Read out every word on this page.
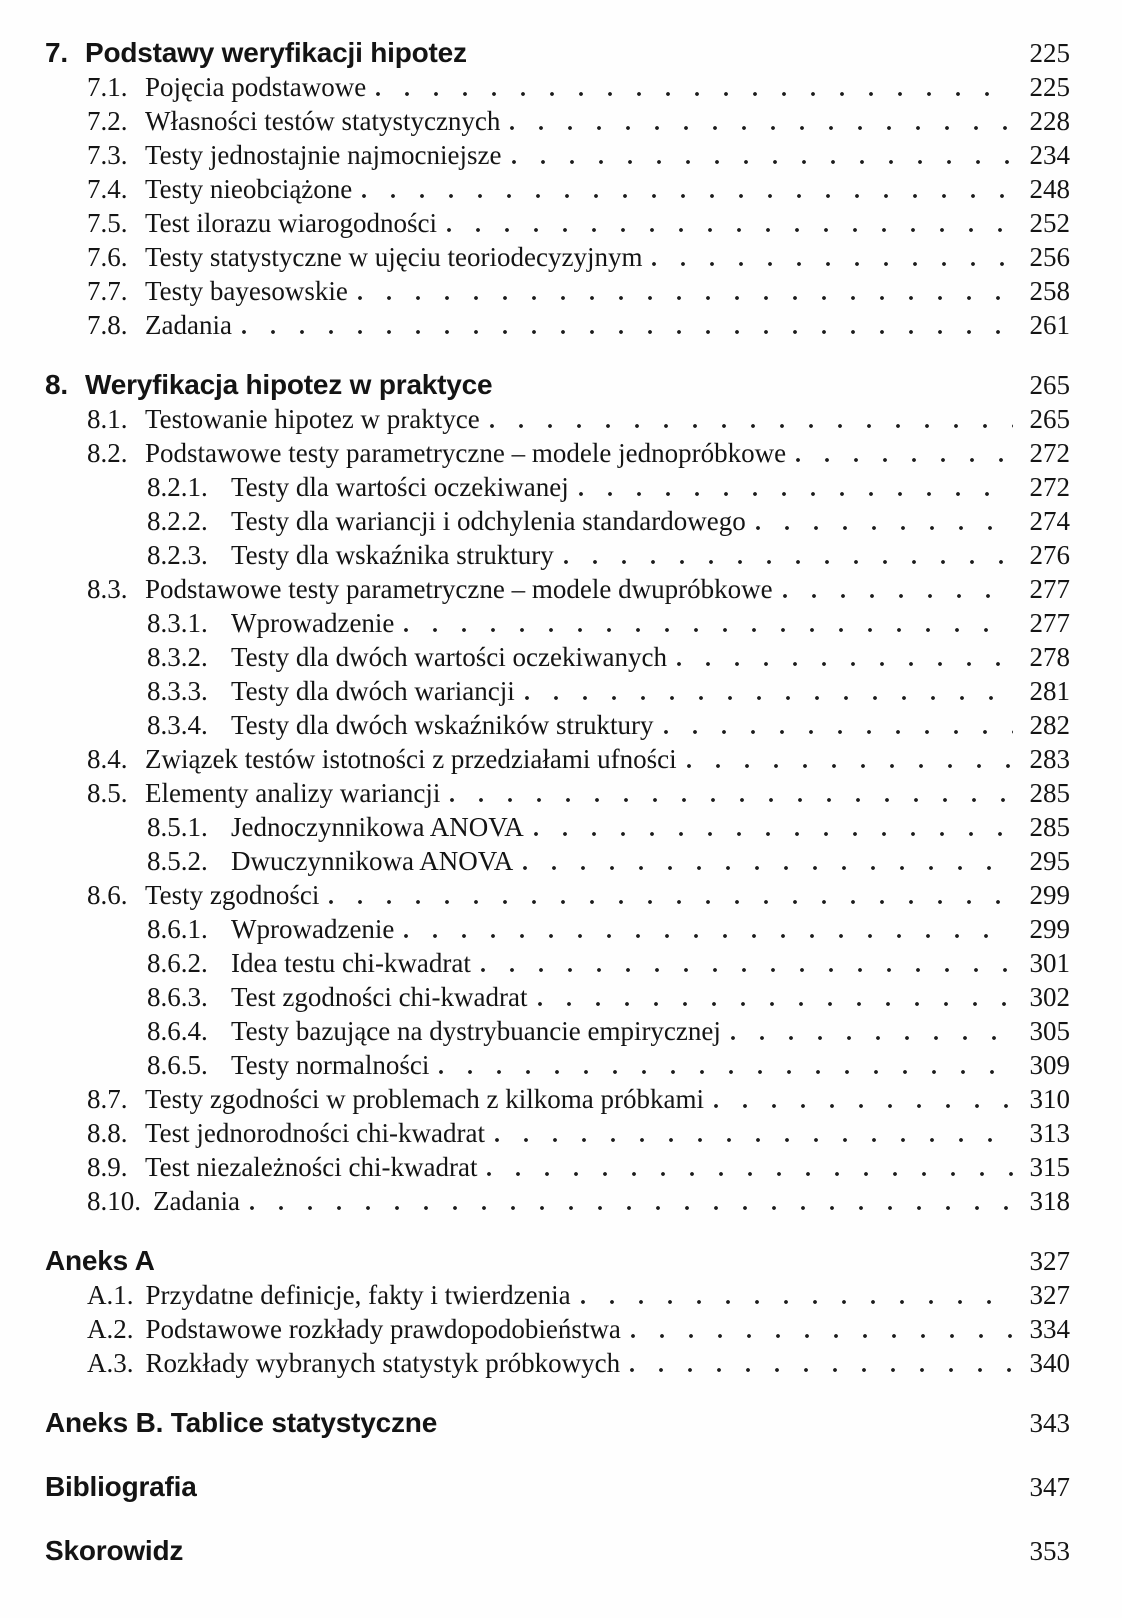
7. Podstawy weryfikacji hipotez	225
7.1. Pojęcia podstawowe	225
7.2. Własności testów statystycznych	228
7.3. Testy jednostajnie najmocniejsze	234
7.4. Testy nieobciążone	248
7.5. Test ilorazu wiarogodności	252
7.6. Testy statystyczne w ujęciu teoriodecyzyjnym	256
7.7. Testy bayesowskie	258
7.8. Zadania	261
8. Weryfikacja hipotez w praktyce	265
8.1. Testowanie hipotez w praktyce	265
8.2. Podstawowe testy parametryczne – modele jednopróbkowe	272
8.2.1. Testy dla wartości oczekiwanej	272
8.2.2. Testy dla wariancji i odchylenia standardowego	274
8.2.3. Testy dla wskaźnika struktury	276
8.3. Podstawowe testy parametryczne – modele dwupróbkowe	277
8.3.1. Wprowadzenie	277
8.3.2. Testy dla dwóch wartości oczekiwanych	278
8.3.3. Testy dla dwóch wariancji	281
8.3.4. Testy dla dwóch wskaźników struktury	282
8.4. Związek testów istotności z przedziałami ufności	283
8.5. Elementy analizy wariancji	285
8.5.1. Jednoczynnikowa ANOVA	285
8.5.2. Dwuczynnikowa ANOVA	295
8.6. Testy zgodności	299
8.6.1. Wprowadzenie	299
8.6.2. Idea testu chi-kwadrat	301
8.6.3. Test zgodności chi-kwadrat	302
8.6.4. Testy bazujące na dystrybuancie empirycznej	305
8.6.5. Testy normalności	309
8.7. Testy zgodności w problemach z kilkoma próbkami	310
8.8. Test jednorodności chi-kwadrat	313
8.9. Test niezależności chi-kwadrat	315
8.10. Zadania	318
Aneks A	327
A.1. Przydatne definicje, fakty i twierdzenia	327
A.2. Podstawowe rozkłady prawdopodobieństwa	334
A.3. Rozkłady wybranych statystyk próbkowych	340
Aneks B. Tablice statystyczne	343
Bibliografia	347
Skorowidz	353
